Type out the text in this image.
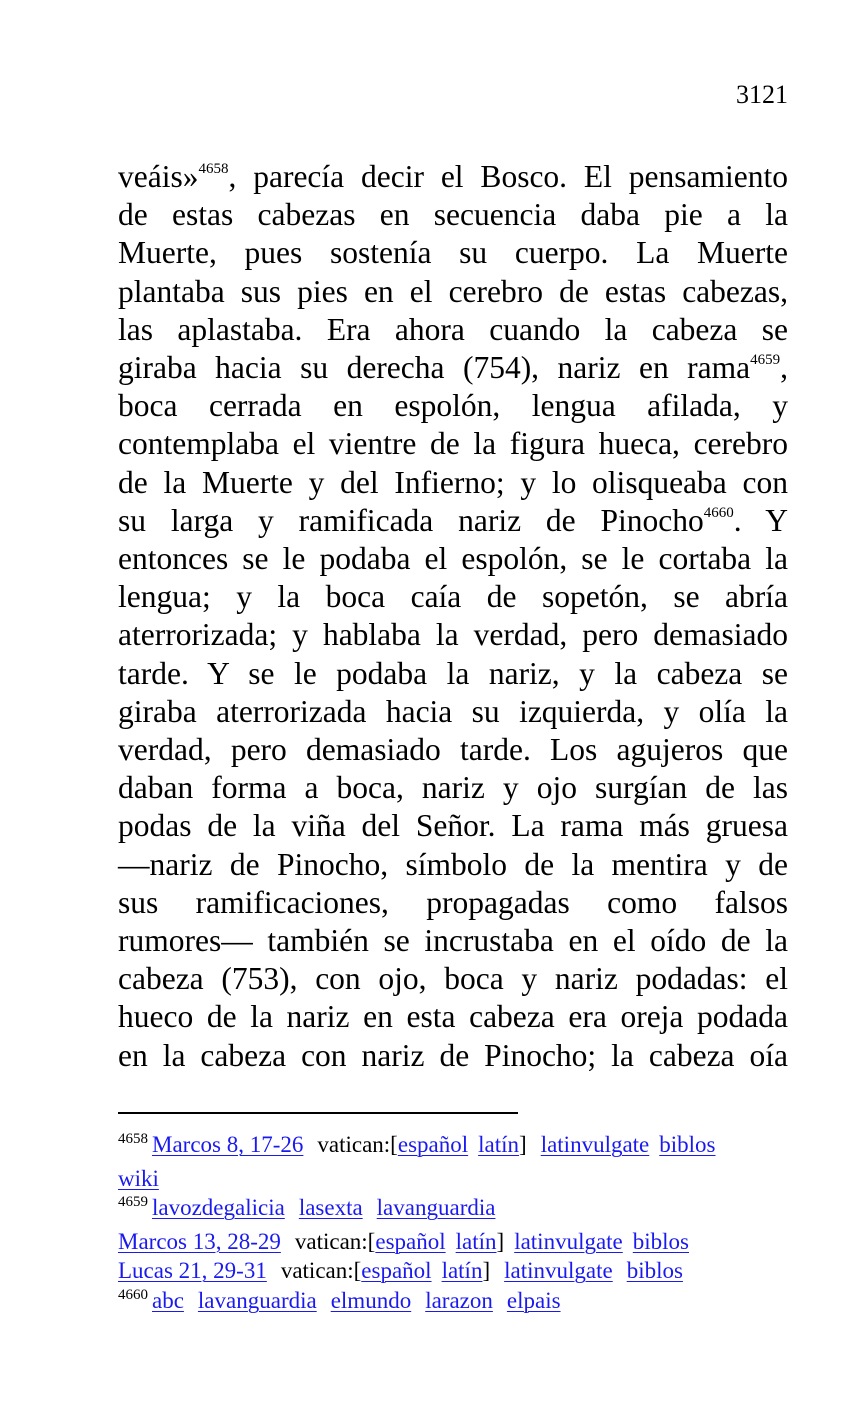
3121
veáis»$^{4658}$, parecía decir el Bosco. El pensamiento
de estas cabezas en secuencia daba pie a la
Muerte, pues sostenía su cuerpo. La Muerte
plantaba sus pies en el cerebro de estas cabezas,
las aplastaba. Era ahora cuando la cabeza se
giraba hacia su derecha (754), nariz en rama$^{4659}$,
boca cerrada en espolón, lengua afilada, y
contemplaba el vientre de la figura hueca, cerebro
de la Muerte y del Infierno; y lo olisqueaba con
su larga y ramificada nariz de Pinocho$^{4660}$. Y
entonces se le podaba el espolón, se le cortaba la
lengua; y la boca caía de sopetón, se abría
aterrorizada; y hablaba la verdad, pero demasiado
tarde. Y se le podaba la nariz, y la cabeza se
giraba aterrorizada hacia su izquierda, y olía la
verdad, pero demasiado tarde. Los agujeros que
daban forma a boca, nariz y ojo surgían de las
podas de la viña del Señor. La rama más gruesa
—nariz de Pinocho, símbolo de la mentira y de
sus ramificaciones, propagadas como falsos
rumores— también se incrustaba en el oído de la
cabeza (753), con ojo, boca y nariz podadas: el
hueco de la nariz en esta cabeza era oreja podada
en la cabeza con nariz de Pinocho; la cabeza oía
$^{4658}$ Marcos 8, 17-26 vatican:[español latín] latinvulgate biblos
wiki
$^{4659}$ lavozdegalicia lasexta lavanguardia
Marcos 13, 28-29 vatican:[español latín] latinvulgate biblos
Lucas 21, 29-31 vatican:[español latín] latinvulgate biblos
$^{4660}$ abc lavanguardia elmundo larazon elpais
